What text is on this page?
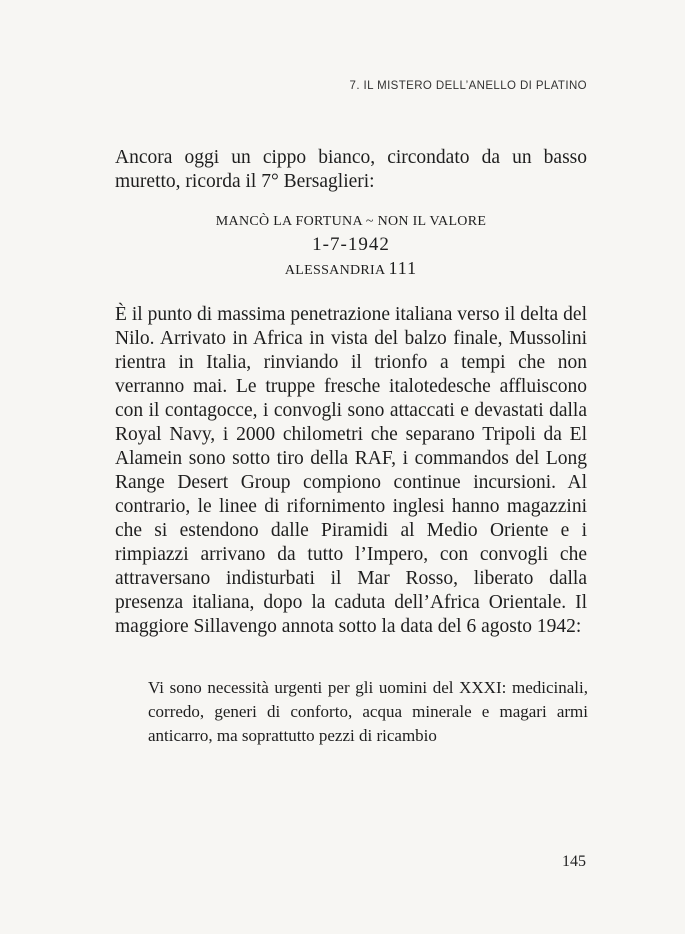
7. IL MISTERO DELL’ANELLO DI PLATINO

Ancora oggi un cippo bianco, circondato da un basso muretto, ricorda il 7° Bersaglieri:

MANCÒ LA FORTUNA ~ NON IL VALORE
1-7-1942
ALESSANDRIA 111

È il punto di massima penetrazione italiana verso il delta del Nilo. Arrivato in Africa in vista del balzo finale, Mussolini rientra in Italia, rinviando il trionfo a tempi che non verranno mai. Le truppe fresche italotedesche affluiscono con il contagocce, i convogli sono attaccati e devastati dalla Royal Navy, i 2000 chilometri che separano Tripoli da El Alamein sono sotto tiro della RAF, i commandos del Long Range Desert Group compiono continue incursioni. Al contrario, le linee di rifornimento inglesi hanno magazzini che si estendono dalle Piramidi al Medio Oriente e i rimpiazzi arrivano da tutto l’Impero, con convogli che attraversano indisturbati il Mar Rosso, liberato dalla presenza italiana, dopo la caduta dell’Africa Orientale. Il maggiore Sillavengo annota sotto la data del 6 agosto 1942:

Vi sono necessità urgenti per gli uomini del XXXI: medicinali, corredo, generi di conforto, acqua minerale e magari armi anticarro, ma soprattutto pezzi di ricambio

145
